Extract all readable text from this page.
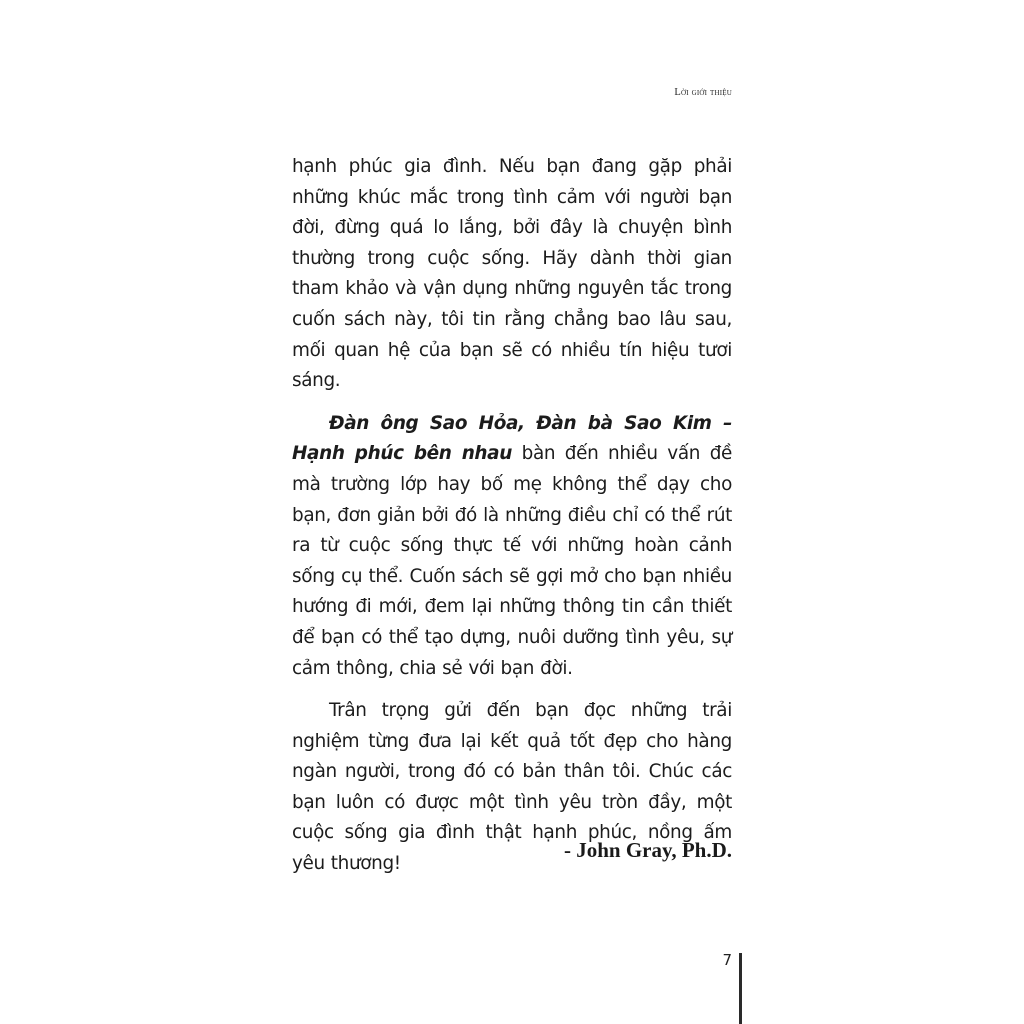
Lời giới thiệu

hạnh phúc gia đình. Nếu bạn đang gặp phải những khúc mắc trong tình cảm với người bạn đời, đừng quá lo lắng, bởi đây là chuyện bình thường trong cuộc sống. Hãy dành thời gian tham khảo và vận dụng những nguyên tắc trong cuốn sách này, tôi tin rằng chẳng bao lâu sau, mối quan hệ của bạn sẽ có nhiều tín hiệu tươi sáng.

Đàn ông Sao Hỏa, Đàn bà Sao Kim – Hạnh phúc bên nhau bàn đến nhiều vấn đề mà trường lớp hay bố mẹ không thể dạy cho bạn, đơn giản bởi đó là những điều chỉ có thể rút ra từ cuộc sống thực tế với những hoàn cảnh sống cụ thể. Cuốn sách sẽ gợi mở cho bạn nhiều hướng đi mới, đem lại những thông tin cần thiết để bạn có thể tạo dựng, nuôi dưỡng tình yêu, sự cảm thông, chia sẻ với bạn đời.

Trân trọng gửi đến bạn đọc những trải nghiệm từng đưa lại kết quả tốt đẹp cho hàng ngàn người, trong đó có bản thân tôi. Chúc các bạn luôn có được một tình yêu tròn đầy, một cuộc sống gia đình thật hạnh phúc, nồng ấm yêu thương!

- John Gray, Ph.D.
7
